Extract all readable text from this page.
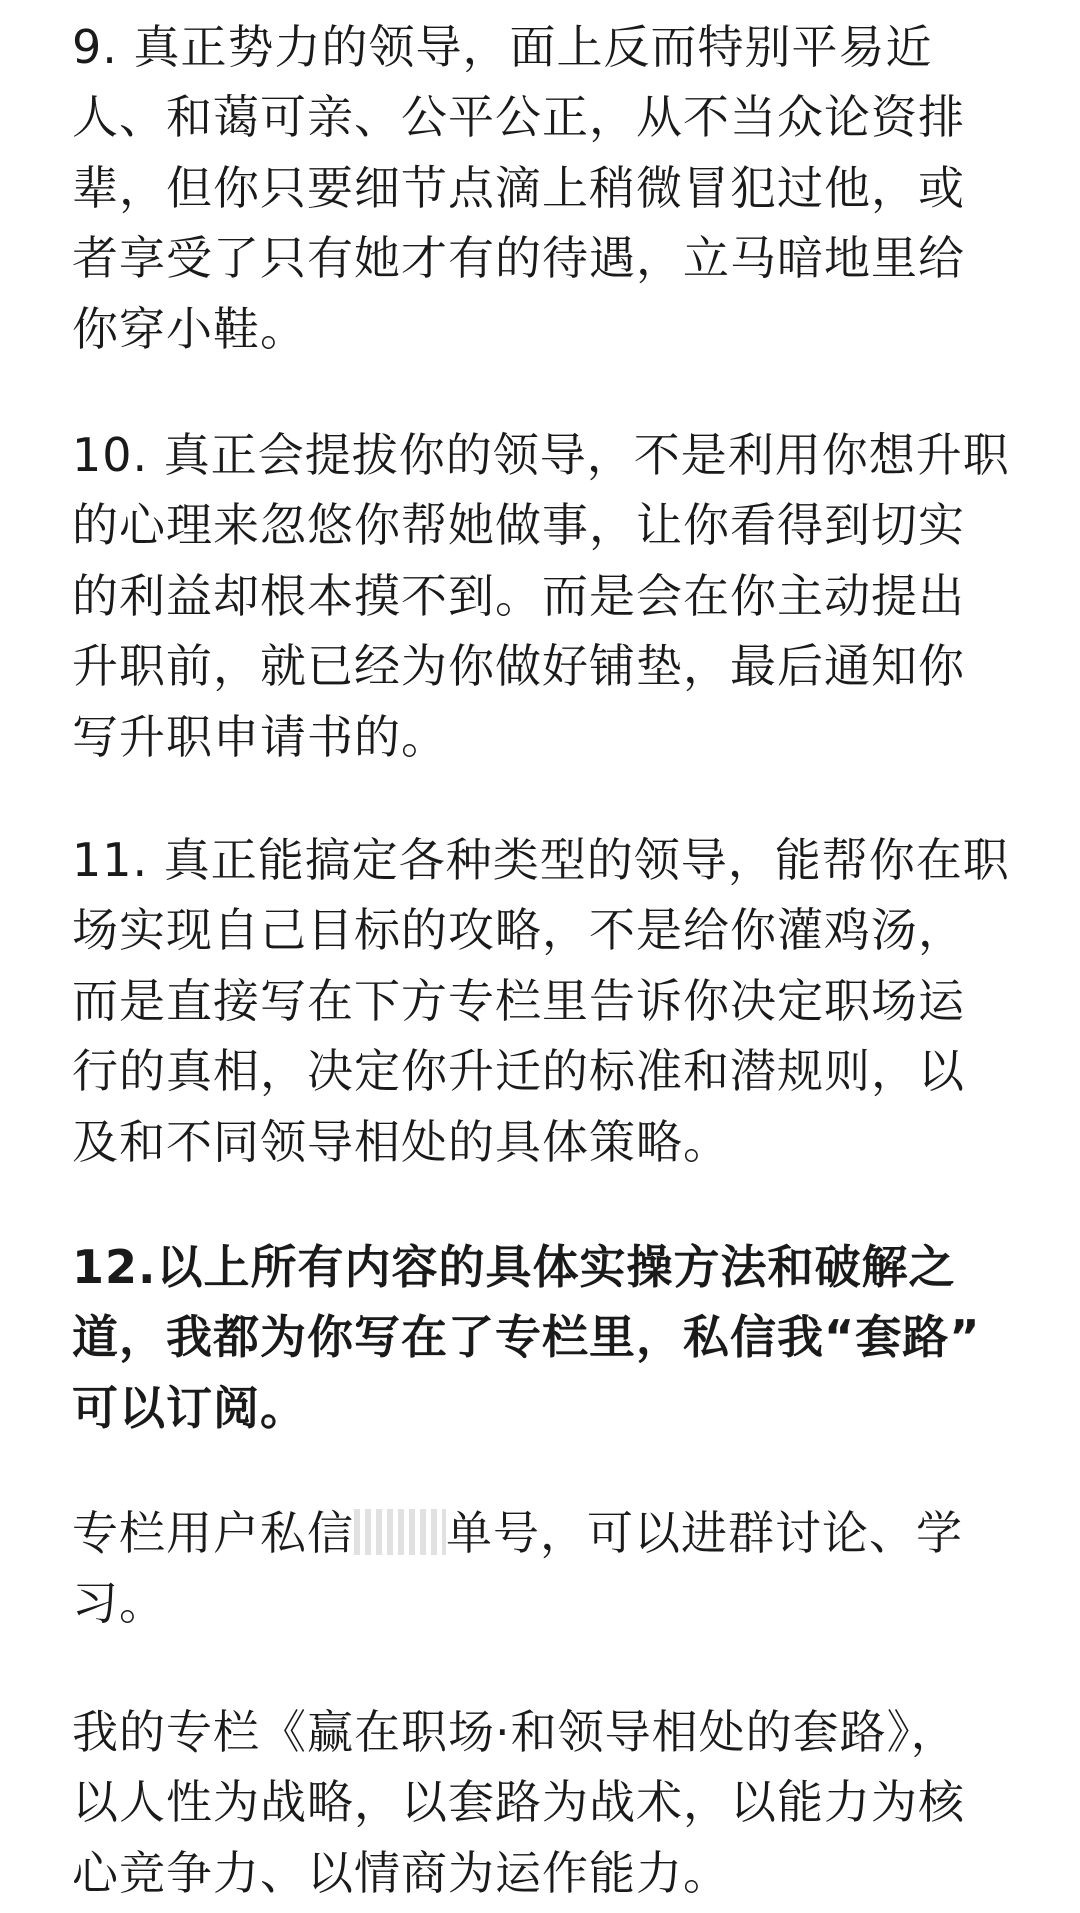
9. 真正势力的领导，面上反而特别平易近
人、和蔼可亲、公平公正，从不当众论资排
辈，但你只要细节点滴上稍微冒犯过他，或
者享受了只有她才有的待遇，立马暗地里给
你穿小鞋。

10. 真正会提拔你的领导，不是利用你想升职
的心理来忽悠你帮她做事，让你看得到切实
的利益却根本摸不到。而是会在你主动提出
升职前，就已经为你做好铺垫，最后通知你
写升职申请书的。

11. 真正能搞定各种类型的领导，能帮你在职
场实现自己目标的攻略，不是给你灌鸡汤，
而是直接写在下方专栏里告诉你决定职场运
行的真相，决定你升迁的标准和潜规则，以
及和不同领导相处的具体策略。

12.以上所有内容的具体实操方法和破解之
道，我都为你写在了专栏里，私信我“套路”
可以订阅。

专栏用户私信 单号，可以进群讨论、学
习。

我的专栏《赢在职场·和领导相处的套路》，
以人性为战略，以套路为战术，以能力为核
心竞争力、以情商为运作能力。
